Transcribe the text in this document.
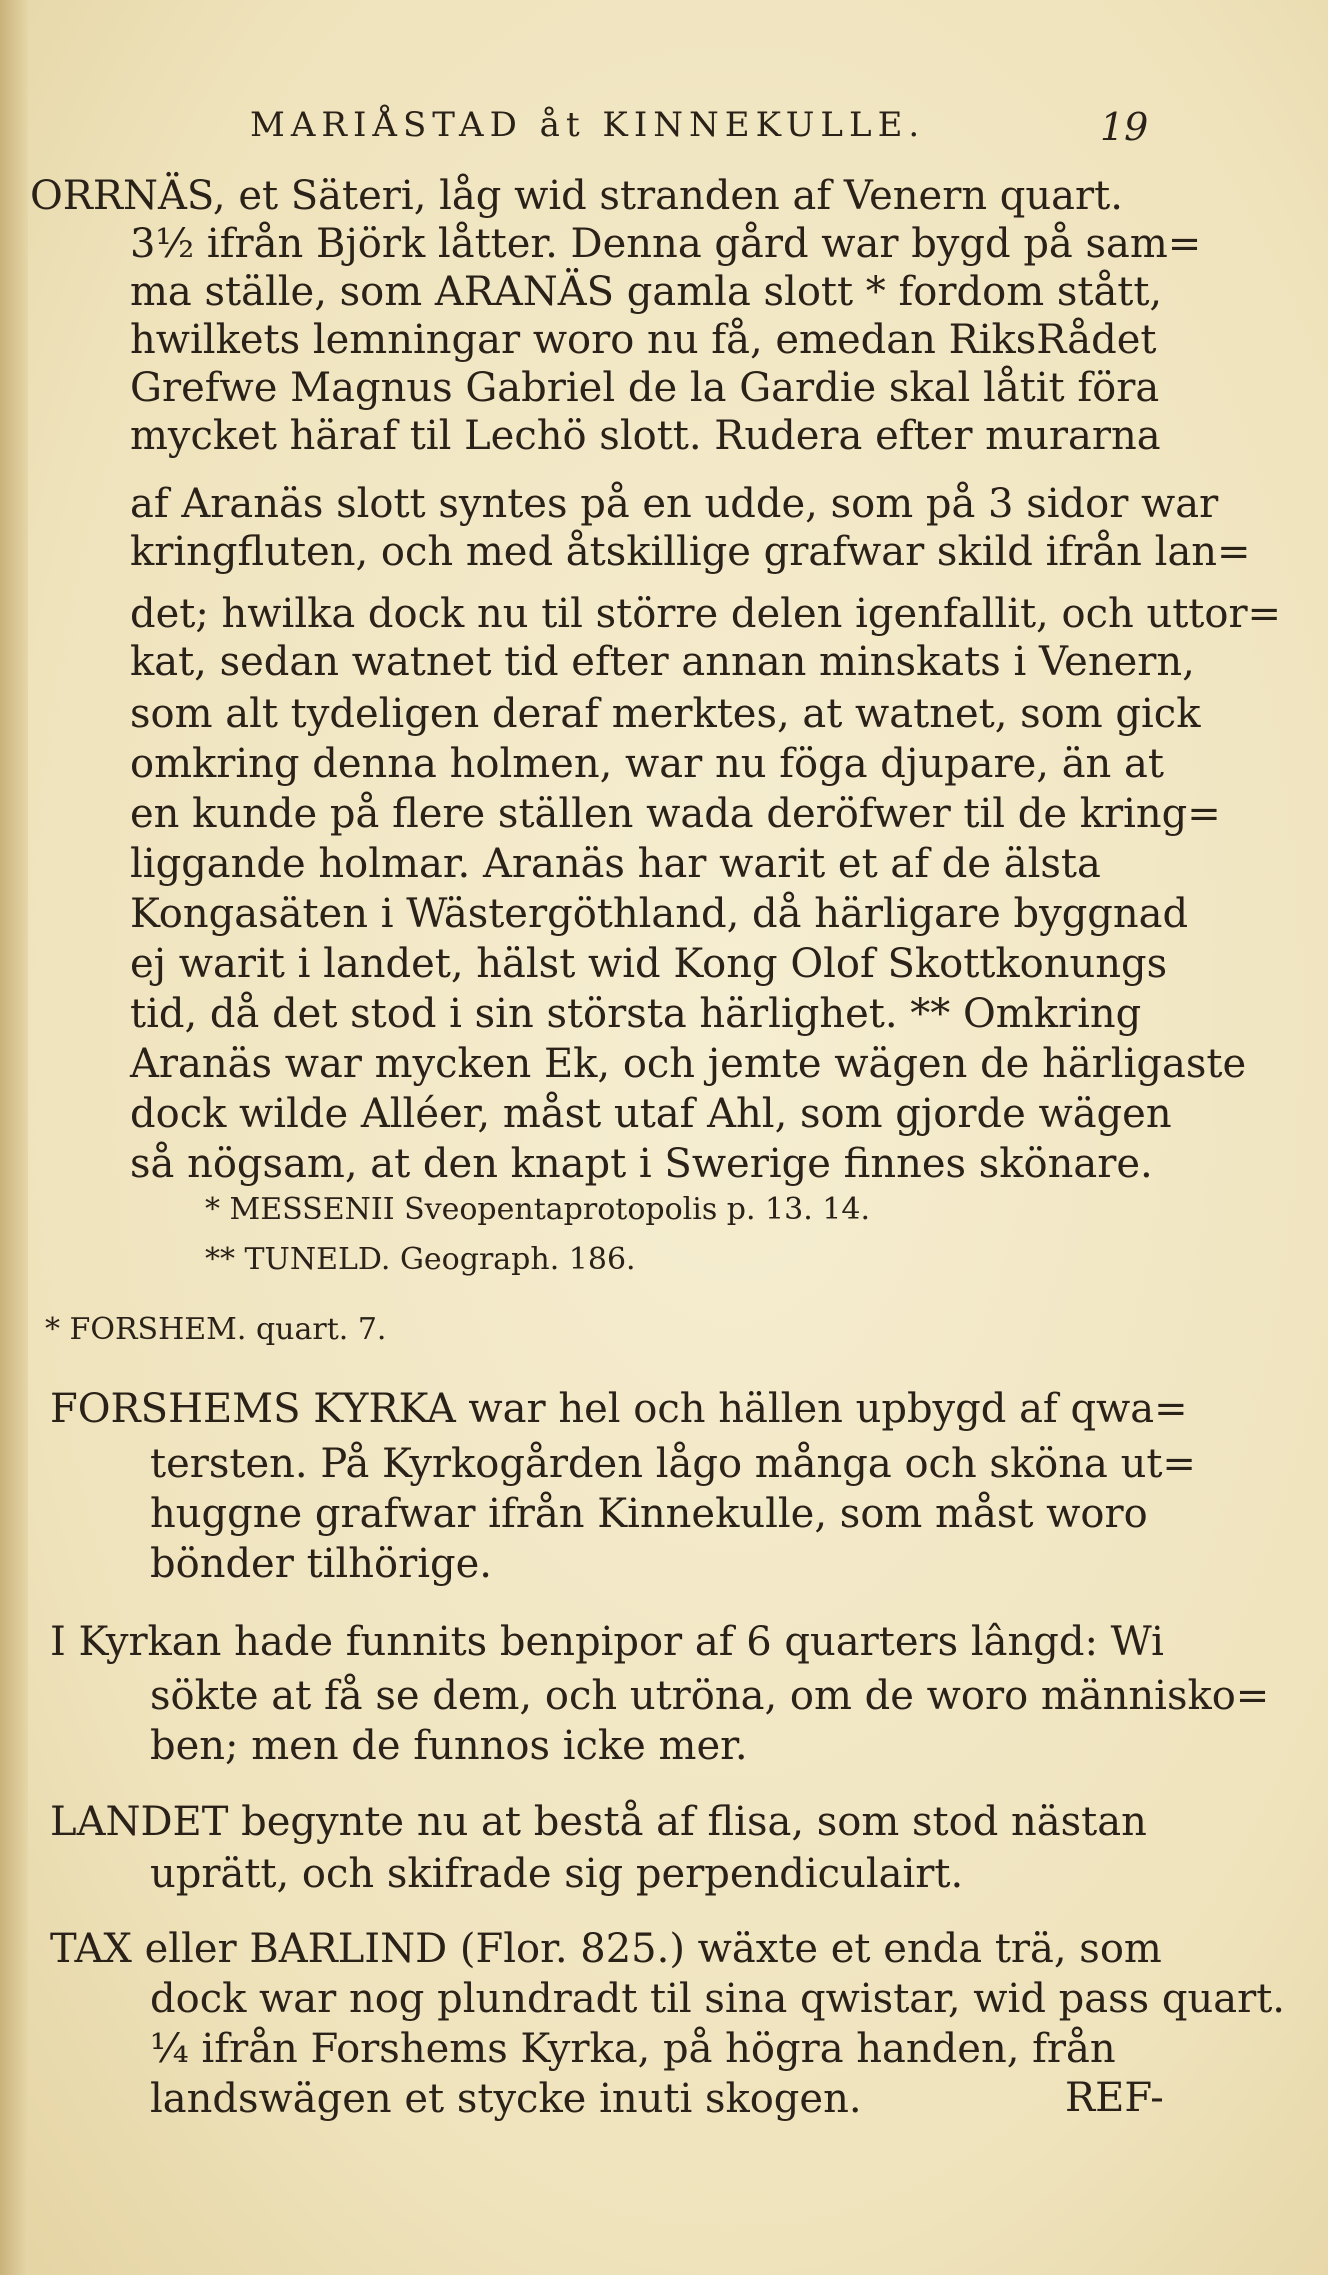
MARIÅSTAD åt KINNEKULLE.	19
ORRNÄS, et Säteri, låg wid stranden af Venern quart.
3½ ifrån Björk låtter. Denna gård war bygd på sam=
ma ställe, som ARANÄS gamla slott * fordom stått,
hwilkets lemningar woro nu få, emedan RiksRådet
Grefwe Magnus Gabriel de la Gardie skal låtit föra
mycket häraf til Lechö slott. Rudera efter murarna
af Aranäs slott syntes på en udde, som på 3 sidor war
kringfluten, och med åtskillige grafwar skild ifrån lan=
det; hwilka dock nu til större delen igenfallit, och uttor=
kat, sedan watnet tid efter annan minskats i Venern,
som alt tydeligen deraf merktes, at watnet, som gick
omkring denna holmen, war nu föga djupare, än at
en kunde på flere ställen wada deröfwer til de kring=
liggande holmar. Aranäs har warit et af de älsta
Kongasäten i Wästergöthland, då härligare byggnad
ej warit i landet, hälst wid Kong Olof Skottkonungs
tid, då det stod i sin största härlighet. ** Omkring
Aranäs war mycken Ek, och jemte wägen de härligaste
dock wilde Alléer, måst utaf Ahl, som gjorde wägen
så nögsam, at den knapt i Swerige finnes skönare.
* MESSENII Sveopentaprotopolis p. 13. 14.
** TUNELD. Geograph. 186.
* FORSHEM. quart. 7.
FORSHEMS KYRKA war hel och hällen upbygd af qwa=
tersten. På Kyrkogården lågo många och sköna ut=
huggne grafwar ifrån Kinnekulle, som måst woro
bönder tilhörige.
I Kyrkan hade funnits benpipor af 6 quarters lângd: Wi
sökte at få se dem, och utröna, om de woro människo=
ben; men de funnos icke mer.
LANDET begynte nu at bestå af flisa, som stod nästan
uprätt, och skifrade sig perpendiculairt.
TAX eller BARLIND (Flor. 825.) wäxte et enda trä, som
dock war nog plundradt til sina qwistar, wid pass quart.
¼ ifrån Forshems Kyrka, på högra handen, från
landswägen et stycke inuti skogen.	REF-
